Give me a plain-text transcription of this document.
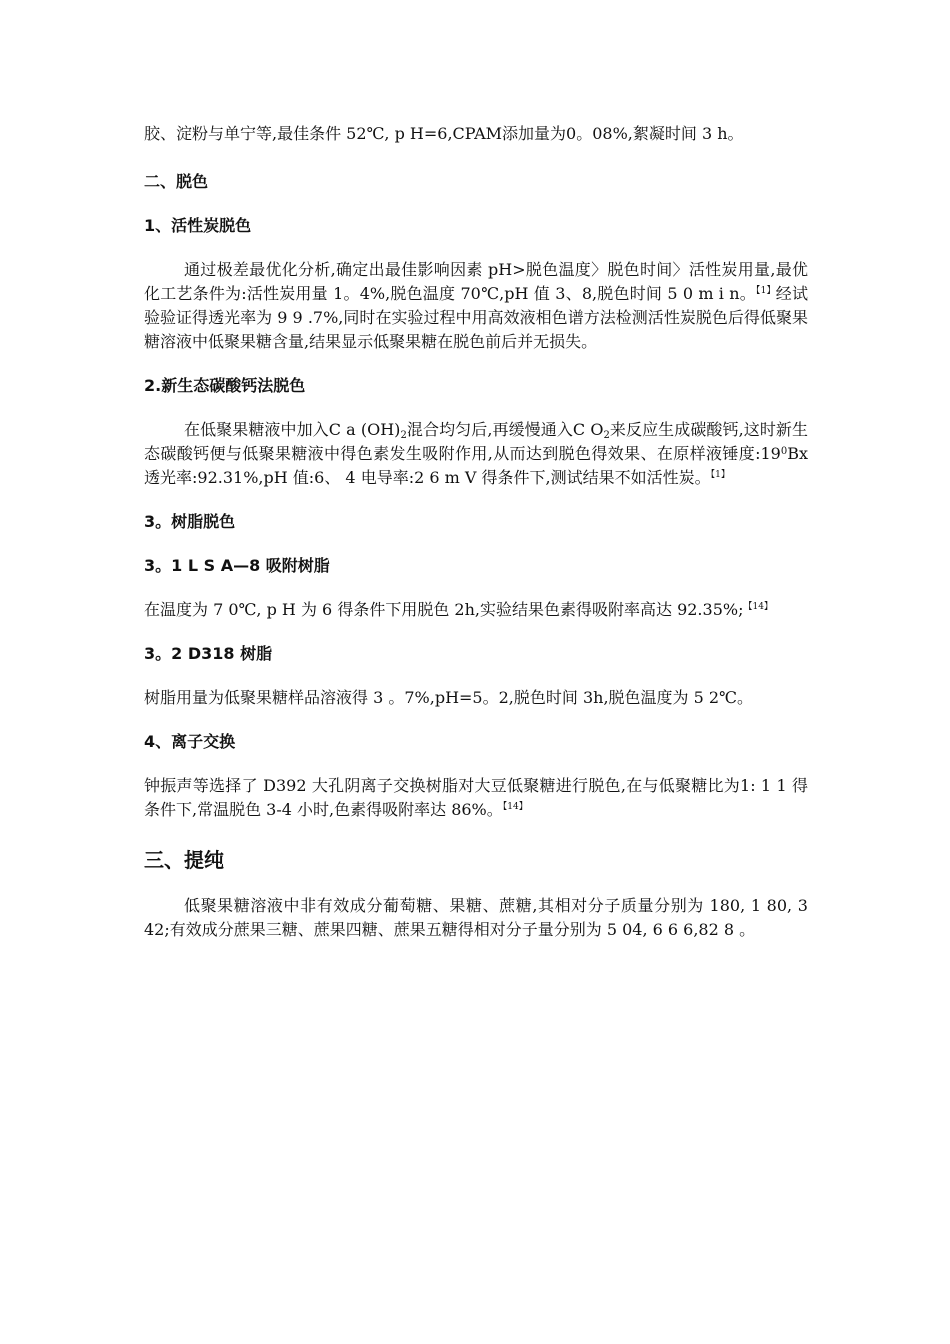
胶、淀粉与单宁等,最佳条件 52℃, p H=6,CPAM添加量为0。08%,絮凝时间 3 h。

二、脱色

1、活性炭脱色

通过极差最优化分析,确定出最佳影响因素 pH>脱色温度〉脱色时间〉活性炭用量,最优化工艺条件为:活性炭用量 1。4%,脱色温度 70℃,pH 值 3、8,脱色时间 5 0 m i n。$^{【1】}$经试验验证得透光率为 9 9 .7%,同时在实验过程中用高效液相色谱方法检测活性炭脱色后得低聚果糖溶液中低聚果糖含量,结果显示低聚果糖在脱色前后并无损失。

2.新生态碳酸钙法脱色

在低聚果糖液中加入C a $(OH)_2$混合均匀后,再缓慢通入C $O_2$来反应生成碳酸钙,这时新生态碳酸钙便与低聚果糖液中得色素发生吸附作用,从而达到脱色得效果、在原样液锤度$:19^0Bx$ 透光率:92.31%,pH 值:6、 4 电导率:2 6 m V 得条件下,测试结果不如活性炭。$^{【1】}$

3。树脂脱色

3。1 L S A—8 吸附树脂

在温度为 7 0℃, p H 为 6 得条件下用脱色 2h,实验结果色素得吸附率高达 92.35%;$^{【14】}$

3。2 D318 树脂

树脂用量为低聚果糖样品溶液得 3 。7%,pH=5。2,脱色时间 3h,脱色温度为 5 2℃。

4、离子交换

钟振声等选择了 D392 大孔阴离子交换树脂对大豆低聚糖进行脱色,在与低聚糖比为1: 1 1 得条件下,常温脱色 3-4 小时,色素得吸附率达 86%。$^{【14】}$

三、提纯

低聚果糖溶液中非有效成分葡萄糖、果糖、蔗糖,其相对分子质量分别为 180, 1 80, 3 42;有效成分蔗果三糖、蔗果四糖、蔗果五糖得相对分子量分别为 5 04, 6 6 6,82 8 。
